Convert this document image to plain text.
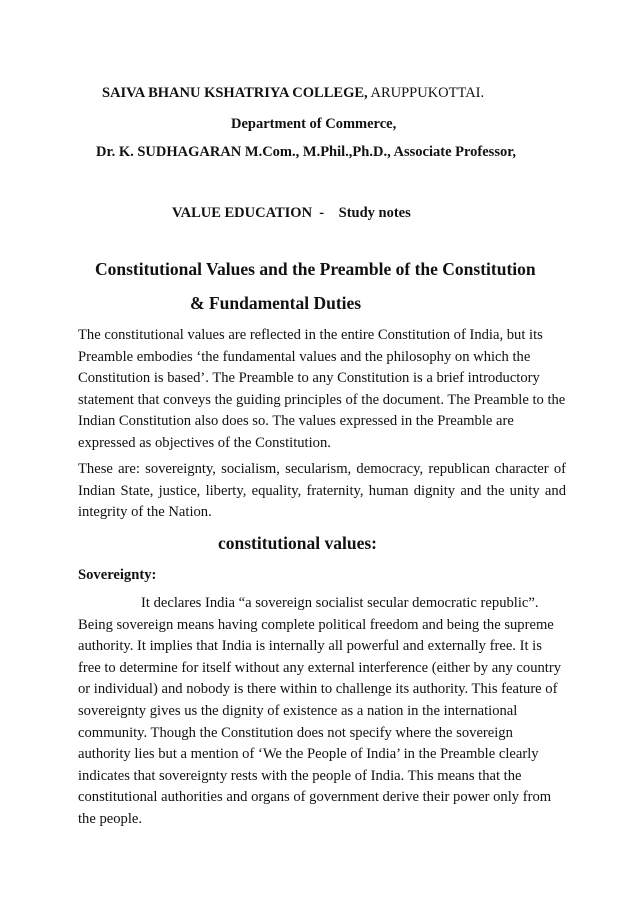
SAIVA BHANU KSHATRIYA COLLEGE, ARUPPUKOTTAI.
Department of Commerce,
Dr. K. SUDHAGARAN M.Com., M.Phil.,Ph.D., Associate Professor,
VALUE EDUCATION  -    Study notes
Constitutional Values and the Preamble of the Constitution
& Fundamental Duties

The constitutional values are reflected in the entire Constitution of India, but its Preamble embodies ‘the fundamental values and the philosophy on which the Constitution is based’. The Preamble to any Constitution is a brief introductory statement that conveys the guiding principles of the document. The Preamble to the Indian Constitution also does so. The values expressed in the Preamble are expressed as objectives of the Constitution.

These are: sovereignty, socialism, secularism, democracy, republican character of Indian State, justice, liberty, equality, fraternity, human dignity and the unity and integrity of the Nation.

constitutional values:
Sovereignty:

It declares India “a sovereign socialist secular democratic republic”. Being sovereign means having complete political freedom and being the supreme authority. It implies that India is internally all powerful and externally free. It is free to determine for itself without any external interference (either by any country or individual) and nobody is there within to challenge its authority. This feature of sovereignty gives us the dignity of existence as a nation in the international community. Though the Constitution does not specify where the sovereign authority lies but a mention of ‘We the People of India’ in the Preamble clearly indicates that sovereignty rests with the people of India. This means that the constitutional authorities and organs of government derive their power only from the people.
